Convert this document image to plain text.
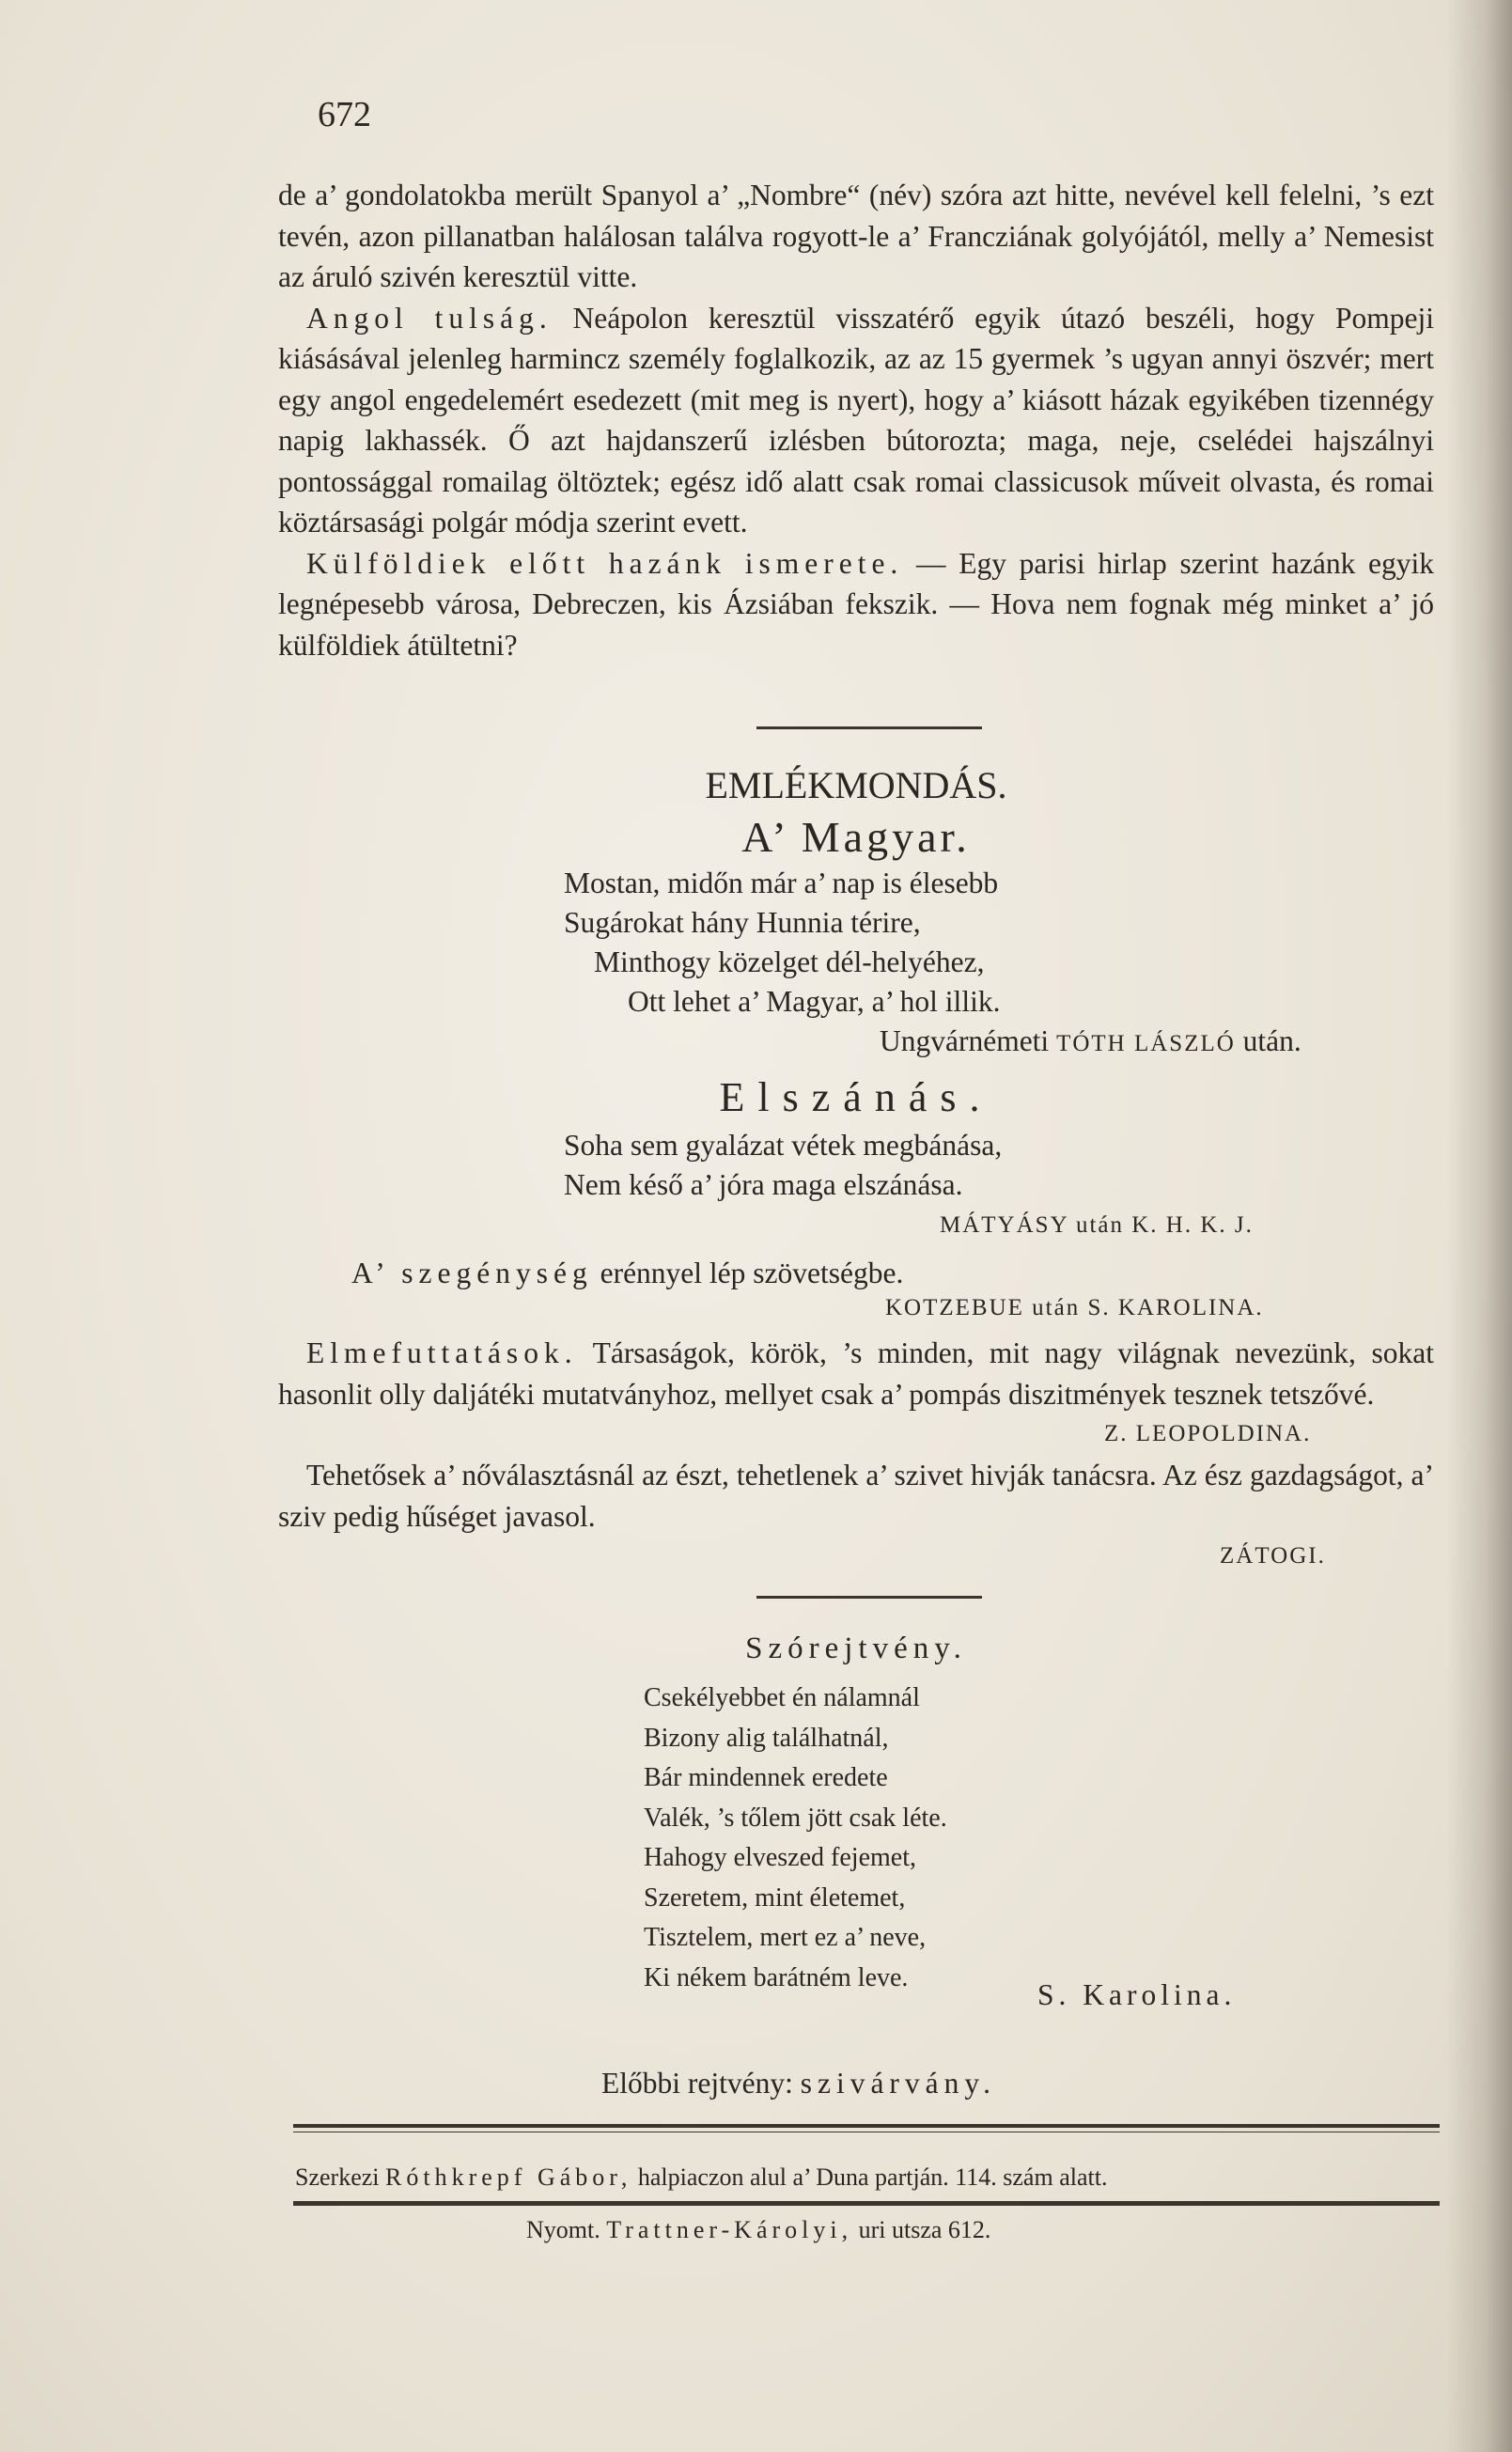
672

de a’ gondolatokba merült Spanyol a’ „Nombre“ (név) szóra azt hitte, nevével kell felelni, ’s ezt tevén, azon pillanatban halálosan találva rogyott-le a’ Francziának golyójától, melly a’ Nemesist az áruló szivén keresztül vitte.

Angol tulság. Neápolon keresztül visszatérő egyik útazó beszéli, hogy Pompeji kiásásával jelenleg harmincz személy foglalkozik, az az 15 gyermek ’s ugyan annyi öszvér; mert egy angol engedelemért esedezett (mit meg is nyert), hogy a’ kiásott házak egyikében tizennégy napig lakhassék. Ő azt hajdanszerű izlésben bútorozta; maga, neje, cselédei hajszálnyi pontossággal romailag öltöztek; egész idő alatt csak romai classicusok műveit olvasta, és romai köztársasági polgár módja szerint evett.

Külföldiek előtt hazánk ismerete. — Egy parisi hirlap szerint hazánk egyik legnépesebb városa, Debreczen, kis Ázsiában fekszik. — Hova nem fognak még minket a’ jó külföldiek átültetni?

EMLÉKMONDÁS.
A’ Magyar.
Mostan, midőn már a’ nap is élesebb
Sugárokat hány Hunnia térire,
Minthogy közelget dél-helyéhez,
Ott lehet a’ Magyar, a’ hol illik.
Ungvárnémeti TÓTH LÁSZLÓ után.
Elszánás.
Soha sem gyalázat vétek megbánása,
Nem késő a’ jóra maga elszánása.
MÁTYÁSY után K. H. K. J.
A’ szegénység erénnyel lép szövetségbe.
KOTZEBUE után S. KAROLINA.

Elmefuttatások. Társaságok, körök, ’s minden, mit nagy világnak nevezünk, sokat hasonlit olly daljátéki mutatványhoz, mellyet csak a’ pompás diszitmények tesznek tetszővé.

Z. LEOPOLDINA.

Tehetősek a’ nőválasztásnál az észt, tehetlenek a’ szivet hivják tanácsra. Az ész gazdagságot, a’ sziv pedig hűséget javasol.

ZÁTOGI.
Szórejtvény.
Csekélyebbet én nálamnál
Bizony alig találhatnál,
Bár mindennek eredete
Valék, ’s tőlem jött csak léte.
Hahogy elveszed fejemet,
Szeretem, mint életemet,
Tisztelem, mert ez a’ neve,
Ki nékem barátném leve.
S. Karolina.
Előbbi rejtvény: szivárvány.
Szerkezi Róthkrepf Gábor, halpiaczon alul a’ Duna partján. 114. szám alatt.
Nyomt. Trattner-Károlyi, uri utsza 612.
